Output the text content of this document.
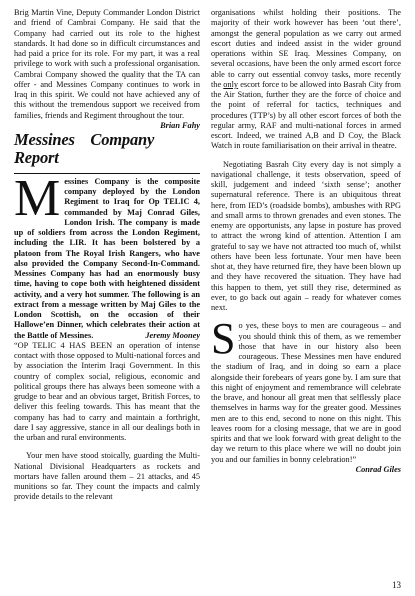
Brig Martin Vine, Deputy Commander London District and friend of Cambrai Company. He said that the Company had carried out its role to the highest standards. It had done so in difficult circumstances and had paid a price for its role. For my part, it was a real privilege to work with such a professional organisation. Cambrai Company showed the quality that the TA can offer - and Messines Company continues to work in Iraq in this spirit. We could not have achieved any of this without the tremendous support we received from families, friends and Regiment throughout the tour.
Brian Fahy

Messines Company Report

M essines Company is the composite company deployed by the London Regiment to Iraq for Op TELIC 4, commanded by Maj Conrad Giles, London Irish. The company is made up of soldiers from across the London Regiment, including the LIR. It has been bolstered by a platoon from The Royal Irish Rangers, who have also provided the Company Second-In-Command. Messines Company has had an enormously busy time, having to cope both with heightened dissident activity, and a very hot summer. The following is an extract from a message written by Maj Giles to the London Scottish, on the occasion of their Hallowe’en Dinner, which celebrates their action at the Battle of Messines.	Jeremy Mooney

“OP TELIC 4 HAS BEEN an operation of intense contact with those opposed to Multi-national forces and by association the Interim Iraqi Government. In this country of complex social, religious, economic and political groups there has always been someone with a grudge to bear and an obvious target, British Forces, to deliver this feeling towards. This has meant that the company has had to carry and maintain a forthright, dare I say aggressive, stance in all our dealings both in the urban and rural environments.

Your men have stood stoically, guarding the Multi-National Divisional Headquarters as rockets and mortars have fallen around them – 21 attacks, and 45 munitions so far. They count the impacts and calmly provide details to the relevant

organisations whilst holding their positions. The majority of their work however has been ‘out there’, amongst the general population as we carry out armed escort duties and indeed assist in the wider ground operations within SE Iraq. Messines Company, on several occasions, have been the only armed escort force able to carry out essential convoy tasks, more recently the only escort force to be allowed into Basrah City from the Air Station, further they are the force of choice and the point of referral for tactics, techniques and procedures (TTP’s) by all other escort forces of both the regular army, RAF and multi-national forces in armed escort. Indeed, we trained A,B and D Coy, the Black Watch in route familiarisation on their arrival in theatre.

Negotiating Basrah City every day is not simply a navigational challenge, it tests observation, speed of skill, judgement and indeed ‘sixth sense’; another supernatural reference. There is an ubiquitous threat here, from IED’s (roadside bombs), ambushes with RPG and small arms to thrown grenades and even stones. The enemy are opportunists, any lapse in posture has proved to attract the wrong kind of attention. Attention I am grateful to say we have not attracted too much of, whilst others have been less fortunate. Your men have been shot at, they have returned fire, they have been blown up and they have recovered the situation. They have had this happen to them, yet still they rise, determined as ever, to go back out again – ready for whatever comes next.

S o yes, these boys to men are courageous – and you should think this of them, as we remember those that have in our history also been courageous. These Messines men have endured the stadium of Iraq, and in doing so earn a place alongside their forebears of years gone by. I am sure that this night of enjoyment and remembrance will celebrate the brave, and honour all great men that selflessly place themselves in harms way for the greater good. Messines men are to this end, second to none on this night. This leaves room for a closing message, that we are in good spirits and that we look forward with great delight to the day we return to this place where we will no doubt join you and our families in bonny celebration!”
Conrad Giles

13
